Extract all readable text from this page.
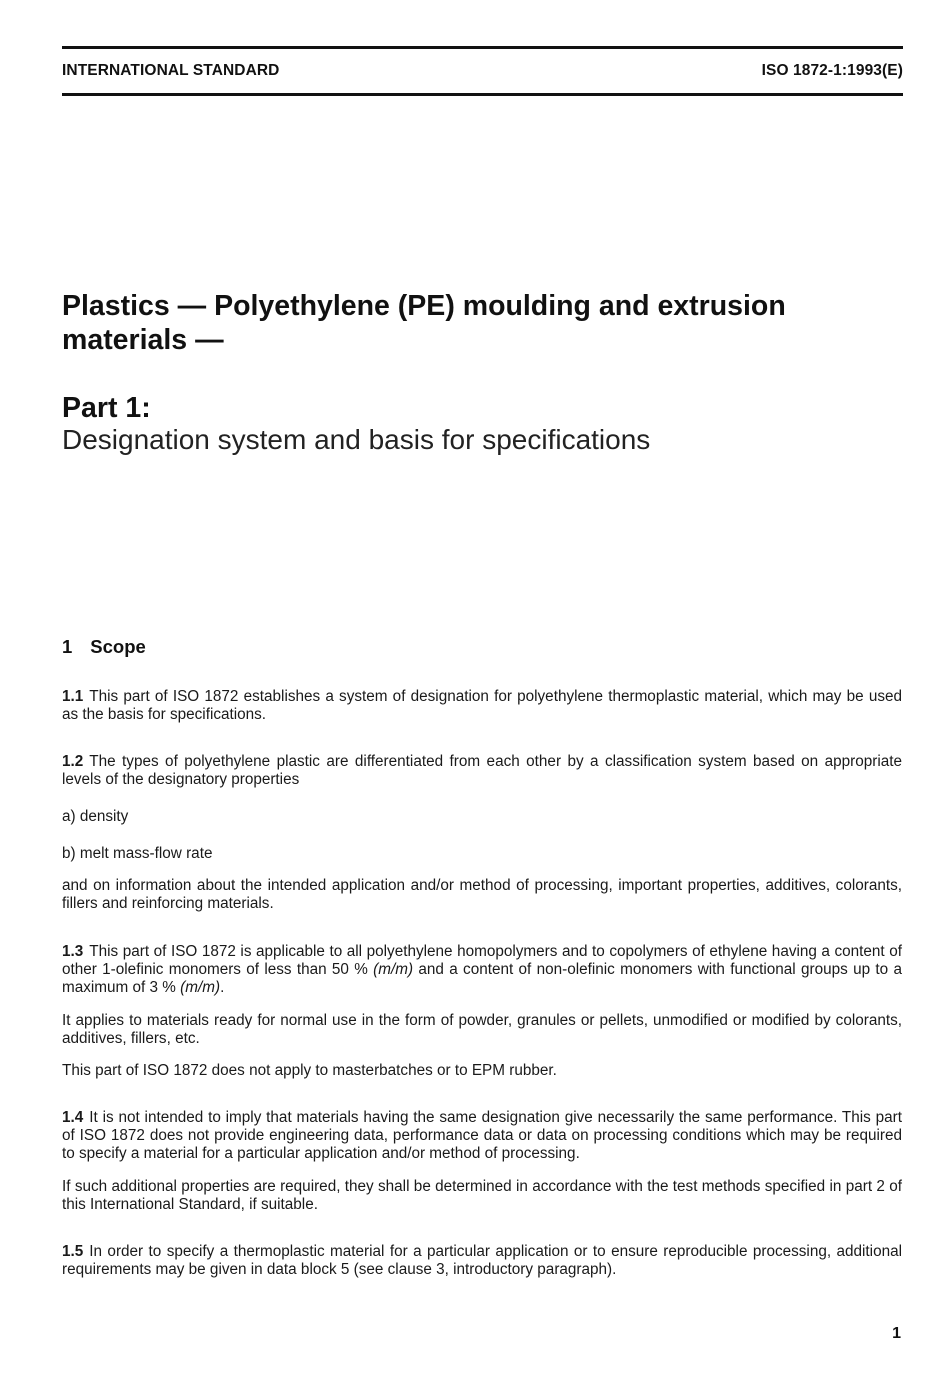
INTERNATIONAL STANDARD	ISO 1872-1:1993(E)
Plastics — Polyethylene (PE) moulding and extrusion
materials —
Part 1:
Designation system and basis for specifications
1 Scope

1.1 This part of ISO 1872 establishes a system of designation for polyethylene thermoplastic material, which may be used as the basis for specifications.

1.2 The types of polyethylene plastic are differentiated from each other by a classification system based on appropriate levels of the designatory properties

a) density

b) melt mass-flow rate

and on information about the intended application and/or method of processing, important properties, additives, colorants, fillers and reinforcing materials.

1.3 This part of ISO 1872 is applicable to all polyethylene homopolymers and to copolymers of ethylene having a content of other 1-olefinic monomers of less than 50 % (m/m) and a content of non-olefinic monomers with functional groups up to a maximum of 3 % (m/m).

It applies to materials ready for normal use in the form of powder, granules or pellets, unmodified or modified by colorants, additives, fillers, etc.

This part of ISO 1872 does not apply to masterbatches or to EPM rubber.

1.4 It is not intended to imply that materials having the same designation give necessarily the same performance. This part of ISO 1872 does not provide engineering data, performance data or data on processing conditions which may be required to specify a material for a particular application and/or method of processing.

If such additional properties are required, they shall be determined in accordance with the test methods specified in part 2 of this International Standard, if suitable.

1.5 In order to specify a thermoplastic material for a particular application or to ensure reproducible processing, additional requirements may be given in data block 5 (see clause 3, introductory paragraph).

1
